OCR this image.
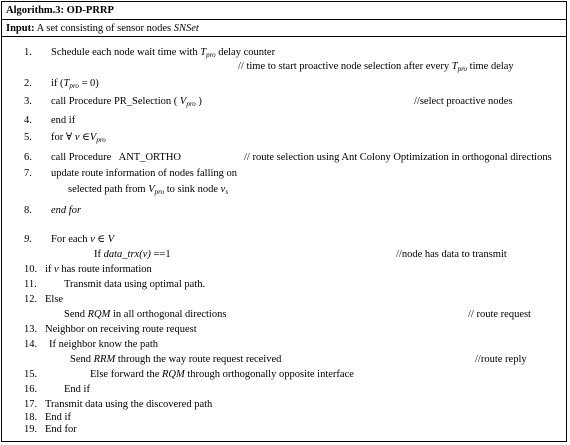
Algorithm.3: OD-PRRP
Input: A set consisting of sensor nodes SNSet
1.	Schedule each node wait time with $T_{pro}$ delay counter
// time to start proactive node selection after every $T_{pro}$ time delay
2.	if $(T_{pro} = 0)$
3.	call Procedure PR_Selection ( $V_{pro}$ )	//select proactive nodes
4.	end if
5.	for ∀ v $\in V_{pro}$
6.	call Procedure   ANT_ORTHO	// route selection using Ant Colony Optimization in orthogonal directions
7.	update route information of nodes falling on
selected path from $V_{pro}$ to sink node $v_s$
8.	end for
9.	For each v ∈ V
If data_trx(v) ==1	//node has data to transmit
10. if v has route information
11.	Transmit data using optimal path.
12. Else
Send RQM in all orthogonal directions	// route request
13. Neighbor on receiving route request
14.	If neighbor know the path
Send RRM through the way route request received	//route reply
15.	Else forward the RQM through orthogonally opposite interface
16.	End if
17. Transmit data using the discovered path
18. End if
19. End for
